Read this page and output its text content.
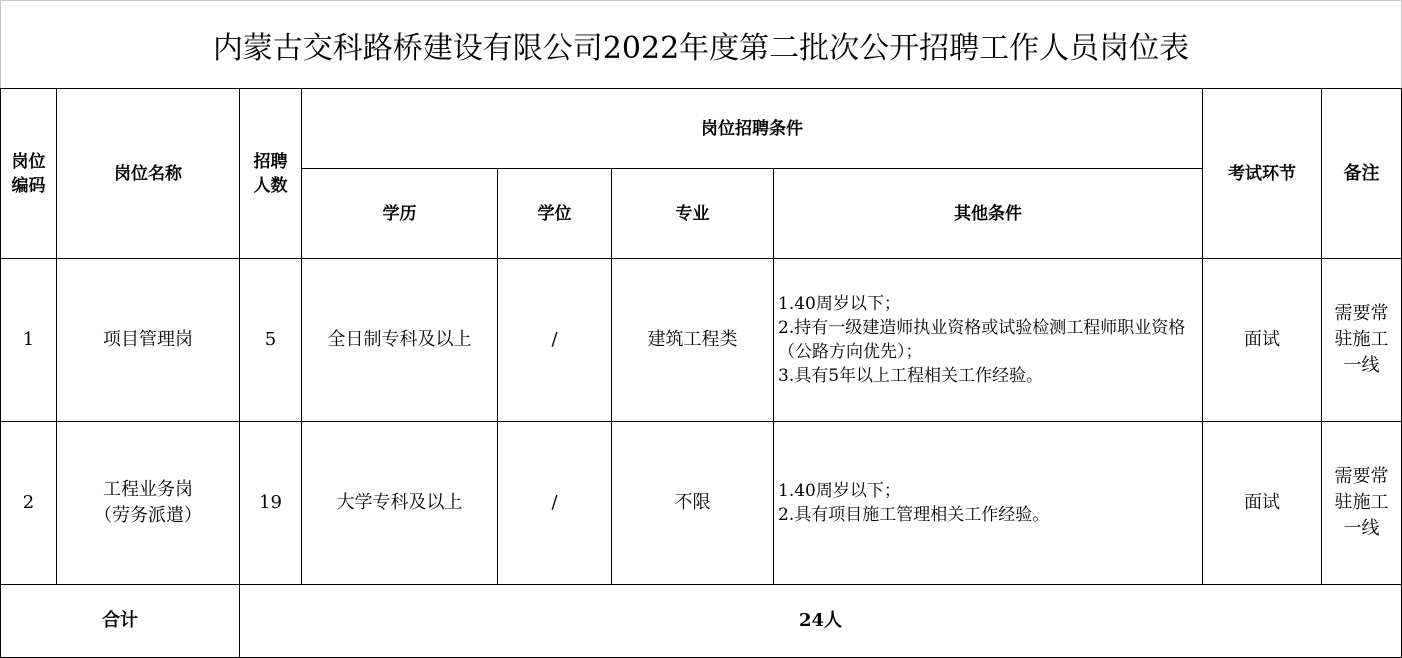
内蒙古交科路桥建设有限公司2022年度第二批次公开招聘工作人员岗位表
岗位编码	岗位名称	招聘人数	岗位招聘条件				考试环节	备注
			学历	学位	专业	其他条件		
1	项目管理岗	5	全日制专科及以上	/	建筑工程类	1.40周岁以下；
2.持有一级建造师执业资格或试验检测工程师职业资格（公路方向优先）；
3.具有5年以上工程相关工作经验。	面试	需要常驻施工一线

2	工程业务岗（劳务派遣）	19	大学专科及以上	/	不限	1.40周岁以下；
2.具有项目施工管理相关工作经验。	面试	需要常驻施工一线

合计		24人						
